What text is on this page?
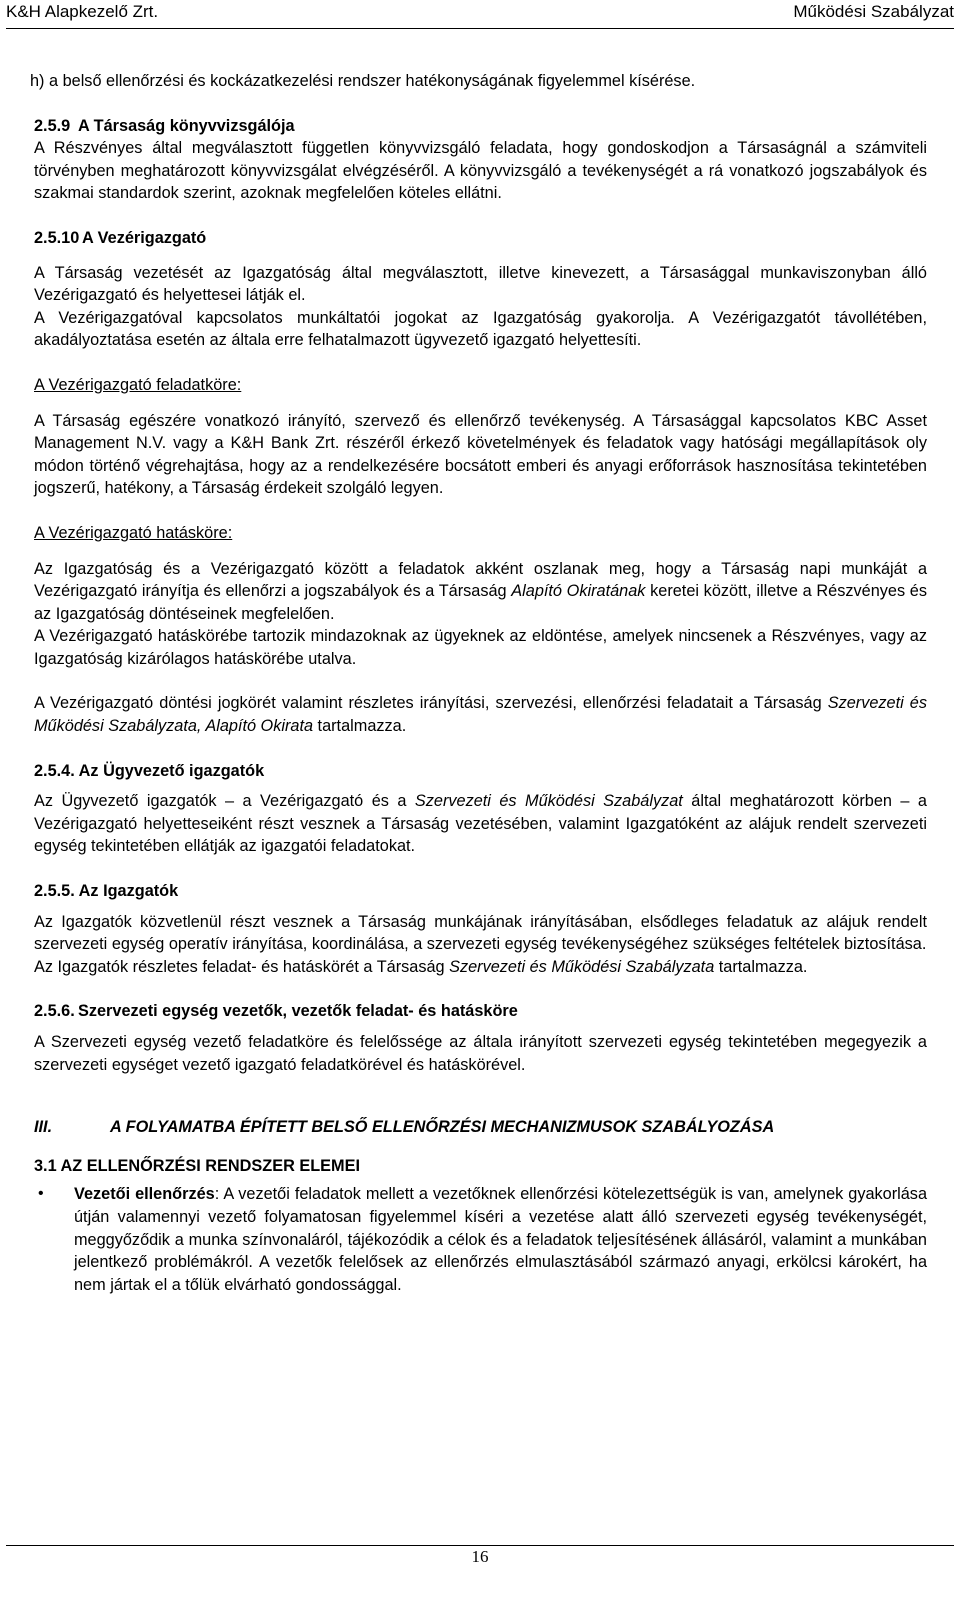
K&H Alapkezelő Zrt.	Működési Szabályzat

h) a belső ellenőrzési és kockázatkezelési rendszer hatékonyságának figyelemmel kísérése.

2.5.9 A Társaság könyvvizsgálója

A Részvényes által megválasztott független könyvvizsgáló feladata, hogy gondoskodjon a Társaságnál a számviteli törvényben meghatározott könyvvizsgálat elvégzéséről. A könyvvizsgáló a tevékenységét a rá vonatkozó jogszabályok és szakmai standardok szerint, azoknak megfelelően köteles ellátni.

2.5.10 A Vezérigazgató

A Társaság vezetését az Igazgatóság által megválasztott, illetve kinevezett, a Társasággal munkaviszonyban álló Vezérigazgató és helyettesei látják el.

A Vezérigazgatóval kapcsolatos munkáltatói jogokat az Igazgatóság gyakorolja. A Vezérigazgatót távollétében, akadályoztatása esetén az általa erre felhatalmazott ügyvezető igazgató helyettesíti.

A Vezérigazgató feladatköre:

A Társaság egészére vonatkozó irányító, szervező és ellenőrző tevékenység. A Társasággal kapcsolatos KBC Asset Management N.V. vagy a K&H Bank Zrt. részéről érkező követelmények és feladatok vagy hatósági megállapítások oly módon történő végrehajtása, hogy az a rendelkezésére bocsátott emberi és anyagi erőforrások hasznosítása tekintetében jogszerű, hatékony, a Társaság érdekeit szolgáló legyen.

A Vezérigazgató hatásköre:

Az Igazgatóság és a Vezérigazgató között a feladatok akként oszlanak meg, hogy a Társaság napi munkáját a Vezérigazgató irányítja és ellenőrzi a jogszabályok és a Társaság Alapító Okiratának keretei között, illetve a Részvényes és az Igazgatóság döntéseinek megfelelően.

A Vezérigazgató hatáskörébe tartozik mindazoknak az ügyeknek az eldöntése, amelyek nincsenek a Részvényes, vagy az Igazgatóság kizárólagos hatáskörébe utalva.

A Vezérigazgató döntési jogkörét valamint részletes irányítási, szervezési, ellenőrzési feladatait a Társaság Szervezeti és Működési Szabályzata, Alapító Okirata tartalmazza.

2.5.4. Az Ügyvezető igazgatók

Az Ügyvezető igazgatók – a Vezérigazgató és a Szervezeti és Működési Szabályzat által meghatározott körben – a Vezérigazgató helyetteseiként részt vesznek a Társaság vezetésében, valamint Igazgatóként az alájuk rendelt szervezeti egység tekintetében ellátják az igazgatói feladatokat.

2.5.5. Az Igazgatók

Az Igazgatók közvetlenül részt vesznek a Társaság munkájának irányításában, elsődleges feladatuk az alájuk rendelt szervezeti egység operatív irányítása, koordinálása, a szervezeti egység tevékenységéhez szükséges feltételek biztosítása.

Az Igazgatók részletes feladat- és hatáskörét a Társaság Szervezeti és Működési Szabályzata tartalmazza.

2.5.6. Szervezeti egység vezetők, vezetők feladat- és hatásköre

A Szervezeti egység vezető feladatköre és felelőssége az általa irányított szervezeti egység tekintetében megegyezik a szervezeti egységet vezető igazgató feladatkörével és hatáskörével.

III.	A FOLYAMATBA ÉPÍTETT BELSŐ ELLENŐRZÉSI MECHANIZMUSOK SZABÁLYOZÁSA

3.1 AZ ELLENŐRZÉSI RENDSZER ELEMEI

• Vezetői ellenőrzés: A vezetői feladatok mellett a vezetőknek ellenőrzési kötelezettségük is van, amelynek gyakorlása útján valamennyi vezető folyamatosan figyelemmel kíséri a vezetése alatt álló szervezeti egység tevékenységét, meggyőződik a munka színvonaláról, tájékozódik a célok és a feladatok teljesítésének állásáról, valamint a munkában jelentkező problémákról. A vezetők felelősek az ellenőrzés elmulasztásából származó anyagi, erkölcsi károkért, ha nem jártak el a tőlük elvárható gondossággal.
16
